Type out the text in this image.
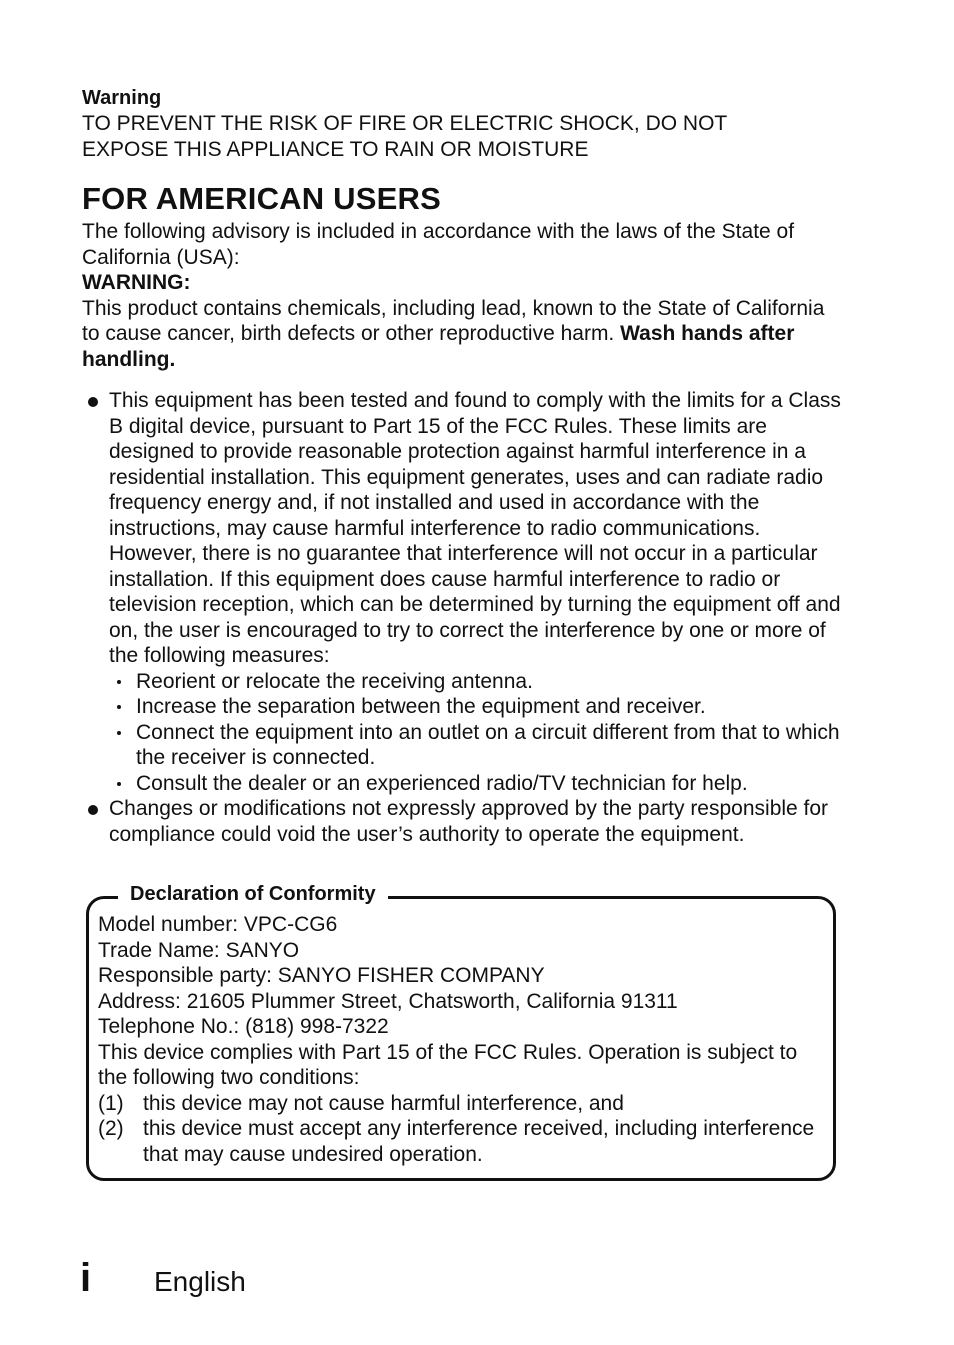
Warning

TO PREVENT THE RISK OF FIRE OR ELECTRIC SHOCK, DO NOT

EXPOSE THIS APPLIANCE TO RAIN OR MOISTURE

FOR AMERICAN USERS

The following advisory is included in accordance with the laws of the State of California (USA):

WARNING:

This product contains chemicals, including lead, known to the State of California to cause cancer, birth defects or other reproductive harm. Wash hands after handling.

This equipment has been tested and found to comply with the limits for a Class B digital device, pursuant to Part 15 of the FCC Rules. These limits are designed to provide reasonable protection against harmful interference in a residential installation. This equipment generates, uses and can radiate radio frequency energy and, if not installed and used in accordance with the instructions, may cause harmful interference to radio communications. However, there is no guarantee that interference will not occur in a particular installation. If this equipment does cause harmful interference to radio or television reception, which can be determined by turning the equipment off and on, the user is encouraged to try to correct the interference by one or more of the following measures:
Reorient or relocate the receiving antenna.
Increase the separation between the equipment and receiver.
Connect the equipment into an outlet on a circuit different from that to which the receiver is connected.
Consult the dealer or an experienced radio/TV technician for help.
Changes or modifications not expressly approved by the party responsible for compliance could void the user’s authority to operate the equipment.
Declaration of Conformity
Model number: VPC-CG6
Trade Name: SANYO
Responsible party: SANYO FISHER COMPANY
Address: 21605 Plummer Street, Chatsworth, California 91311
Telephone No.: (818) 998-7322
This device complies with Part 15 of the FCC Rules. Operation is subject to the following two conditions:
(1) this device may not cause harmful interference, and
(2) this device must accept any interference received, including interference that may cause undesired operation.
i English
